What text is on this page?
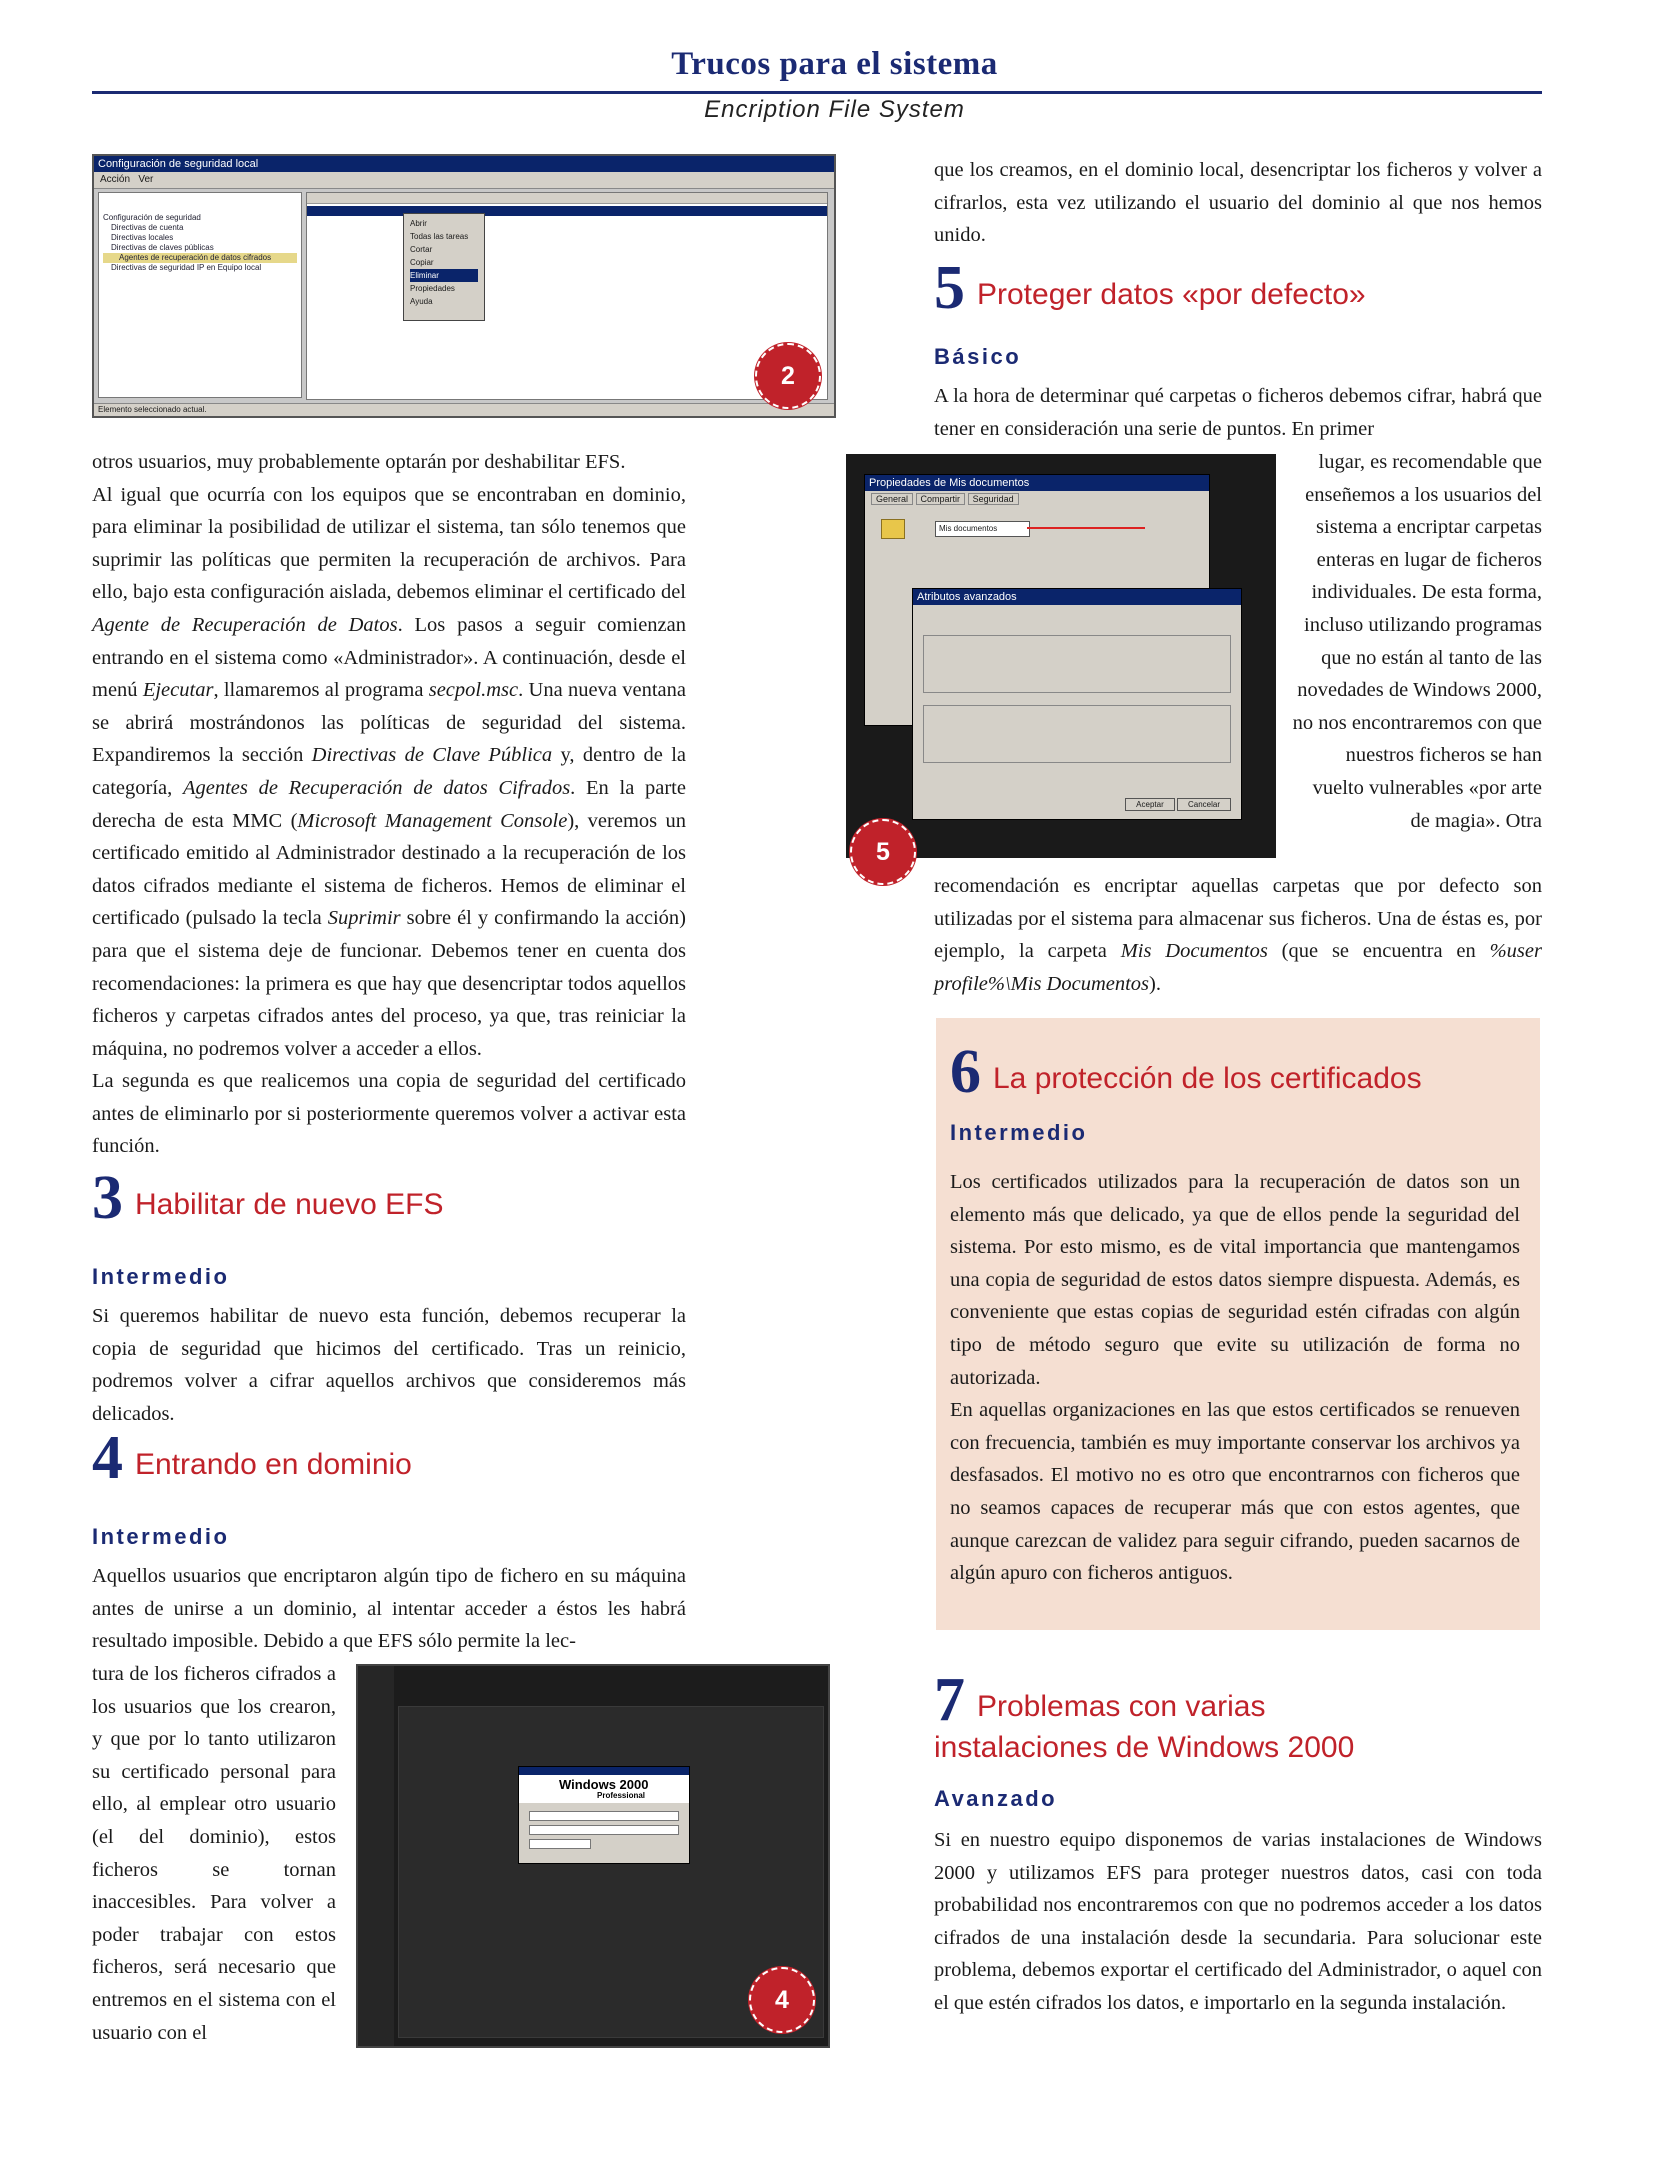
Trucos para el sistema
Encription File System
Configuración de seguridad local
Acción Ver
Configuración de seguridad
Directivas de cuenta
Directivas locales
Directivas de claves públicas
Agentes de recuperación de datos cifrados
Directivas de seguridad IP en Equipo local
Abrir
Todas las tareas
Cortar
Copiar
Eliminar
Propiedades
Ayuda
Elemento seleccionado actual.
2

otros usuarios, muy probablemente optarán por deshabilitar EFS.

Al igual que ocurría con los equipos que se encontraban en dominio, para eliminar la posibilidad de utilizar el sistema, tan sólo tenemos que suprimir las políticas que permiten la recuperación de archivos. Para ello, bajo esta configuración aislada, debemos eliminar el certificado del Agente de Recuperación de Datos. Los pasos a seguir comienzan entrando en el sistema como «Administrador». A continuación, desde el menú Ejecutar, llamaremos al programa secpol.msc. Una nueva ventana se abrirá mostrándonos las políticas de seguridad del sistema. Expandiremos la sección Directivas de Clave Pública y, dentro de la categoría, Agentes de Recuperación de datos Cifrados. En la parte derecha de esta MMC (Microsoft Management Console), veremos un certificado emitido al Administrador destinado a la recuperación de los datos cifrados mediante el sistema de ficheros. Hemos de eliminar el certificado (pulsado la tecla Suprimir sobre él y confirmando la acción) para que el sistema deje de funcionar. Debemos tener en cuenta dos recomendaciones: la primera es que hay que desencriptar todos aquellos ficheros y carpetas cifrados antes del proceso, ya que, tras reiniciar la máquina, no podremos volver a acceder a ellos.

La segunda es que realicemos una copia de seguridad del certificado antes de eliminarlo por si posteriormente queremos volver a activar esta función.

3 Habilitar de nuevo EFS
Intermedio

Si queremos habilitar de nuevo esta función, debemos recuperar la copia de seguridad que hicimos del certificado. Tras un reinicio, podremos volver a cifrar aquellos archivos que consideremos más delicados.

4 Entrando en dominio
Intermedio

Aquellos usuarios que encriptaron algún tipo de fichero en su máquina antes de unirse a un dominio, al intentar acceder a éstos les habrá resultado imposible. Debido a que EFS sólo permite la lec-

tura de los ficheros cifrados a los usuarios que los crearon, y que por lo tanto utilizaron su certificado personal para ello, al emplear otro usuario (el del dominio), estos ficheros se tornan inaccesibles. Para volver a poder trabajar con estos ficheros, será necesario que entremos en el sistema con el usuario con el

Windows 2000
Professional
4

que los creamos, en el dominio local, desencriptar los ficheros y volver a cifrarlos, esta vez utilizando el usuario del dominio al que nos hemos unido.

5 Proteger datos «por defecto»
Básico

A la hora de determinar qué carpetas o ficheros debemos cifrar, habrá que tener en consideración una serie de puntos. En primer

lugar, es recomendable que enseñemos a los usuarios del sistema a encriptar carpetas enteras en lugar de ficheros individuales. De esta forma, incluso utilizando programas que no están al tanto de las novedades de Windows 2000, no nos encontraremos con que nuestros ficheros se han vuelto vulnerables «por arte de magia». Otra

recomendación es encriptar aquellas carpetas que por defecto son utilizadas por el sistema para almacenar sus ficheros. Una de éstas es, por ejemplo, la carpeta Mis Documentos (que se encuentra en %user profile%\Mis Documentos).

Propiedades de Mis documentos
General Compartir Seguridad
Mis documentos
Atributos avanzados
Aceptar	Cancelar
5
6 La protección de los certificados
Intermedio

Los certificados utilizados para la recuperación de datos son un elemento más que delicado, ya que de ellos pende la seguridad del sistema. Por esto mismo, es de vital importancia que mantengamos una copia de seguridad de estos datos siempre dispuesta. Además, es conveniente que estas copias de seguridad estén cifradas con algún tipo de método seguro que evite su utilización de forma no autorizada.

En aquellas organizaciones en las que estos certificados se renueven con frecuencia, también es muy importante conservar los archivos ya desfasados. El motivo no es otro que encontrarnos con ficheros que no seamos capaces de recuperar más que con estos agentes, que aunque carezcan de validez para seguir cifrando, pueden sacarnos de algún apuro con ficheros antiguos.

7 Problemas con varias
instalaciones de Windows 2000
Avanzado

Si en nuestro equipo disponemos de varias instalaciones de Windows 2000 y utilizamos EFS para proteger nuestros datos, casi con toda probabilidad nos encontraremos con que no podremos acceder a los datos cifrados de una instalación desde la secundaria. Para solucionar este problema, debemos exportar el certificado del Administrador, o aquel con el que estén cifrados los datos, e importarlo en la segunda instalación.
